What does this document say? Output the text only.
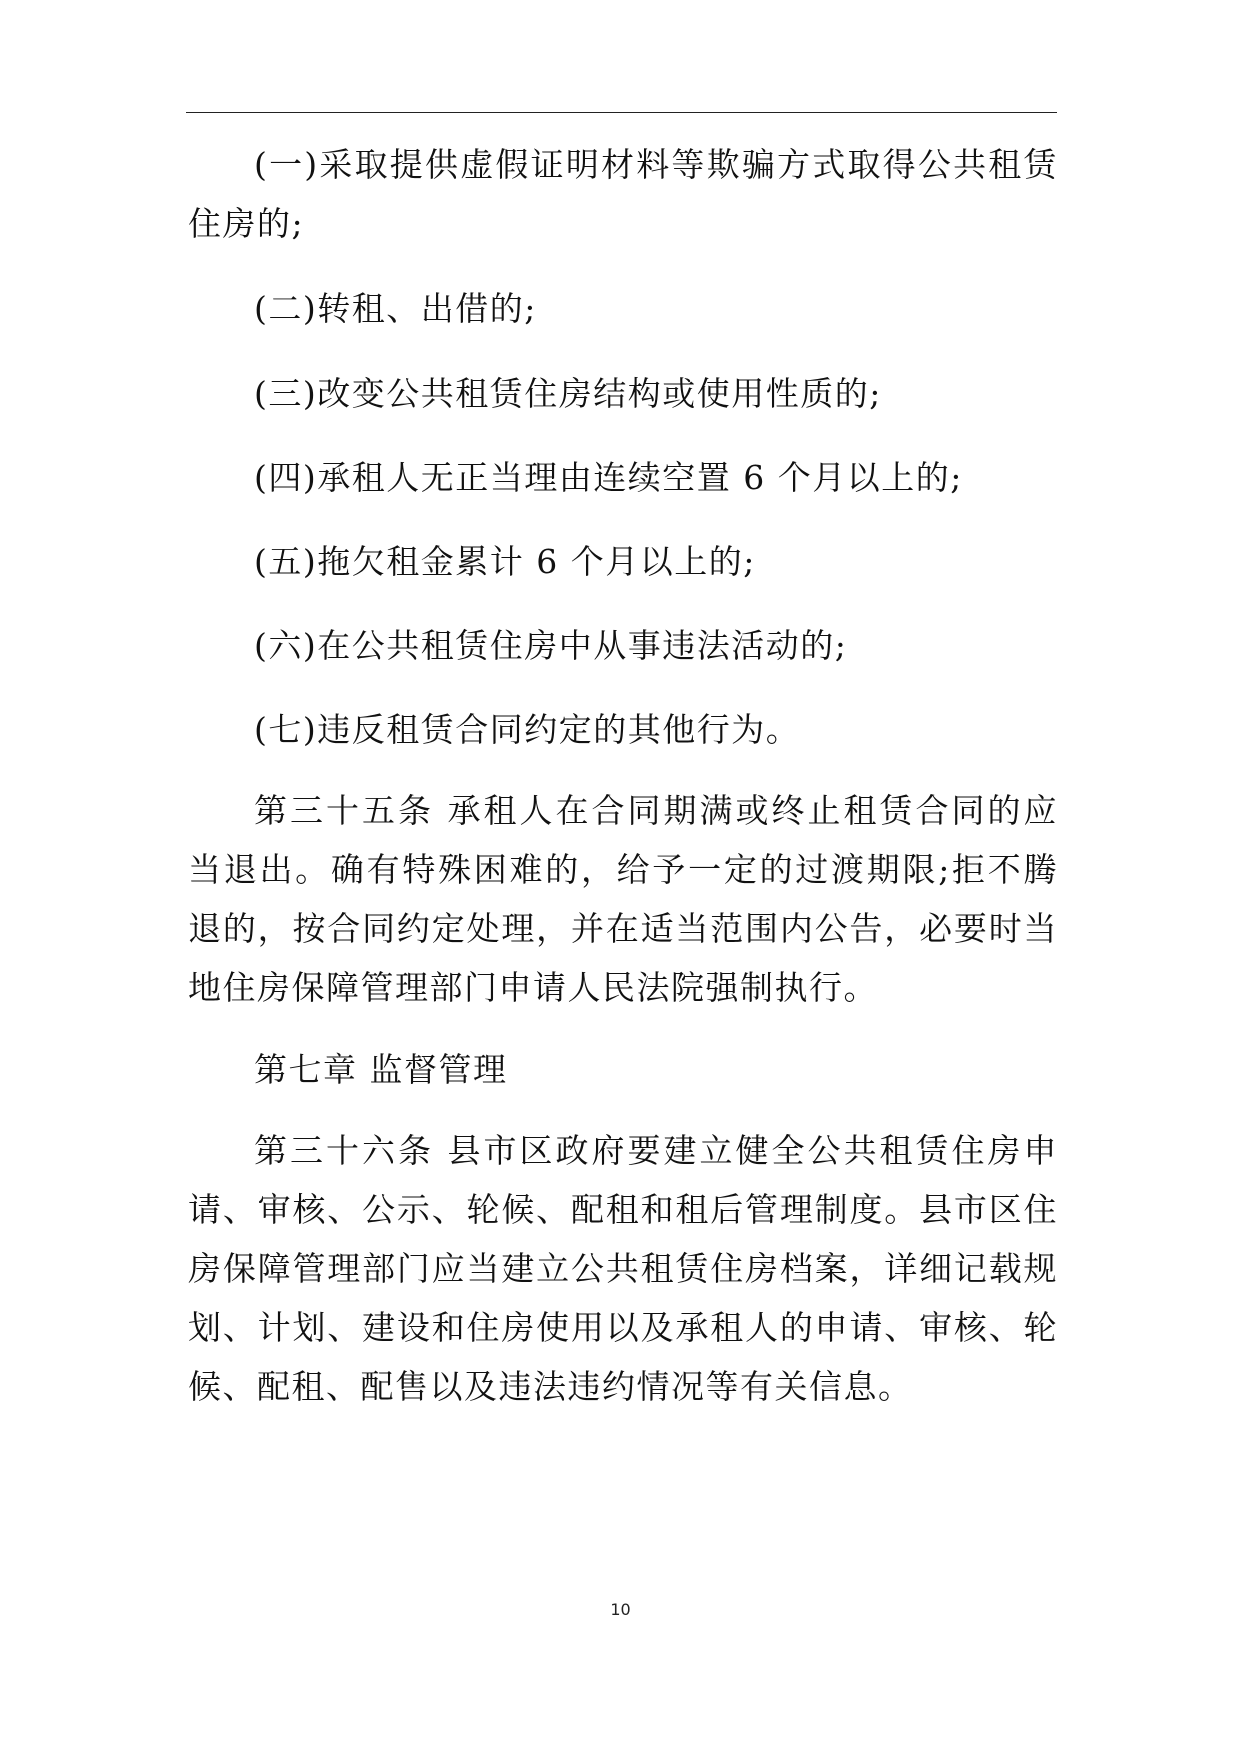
(一)采取提供虚假证明材料等欺骗方式取得公共租赁住房的;

(二)转租、出借的;

(三)改变公共租赁住房结构或使用性质的;

(四)承租人无正当理由连续空置 6 个月以上的;

(五)拖欠租金累计 6 个月以上的;

(六)在公共租赁住房中从事违法活动的;

(七)违反租赁合同约定的其他行为。

第三十五条 承租人在合同期满或终止租赁合同的应当退出。确有特殊困难的，给予一定的过渡期限;拒不腾退的，按合同约定处理，并在适当范围内公告，必要时当地住房保障管理部门申请人民法院强制执行。

第七章 监督管理

第三十六条 县市区政府要建立健全公共租赁住房申请、审核、公示、轮候、配租和租后管理制度。县市区住房保障管理部门应当建立公共租赁住房档案，详细记载规划、计划、建设和住房使用以及承租人的申请、审核、轮候、配租、配售以及违法违约情况等有关信息。

10
